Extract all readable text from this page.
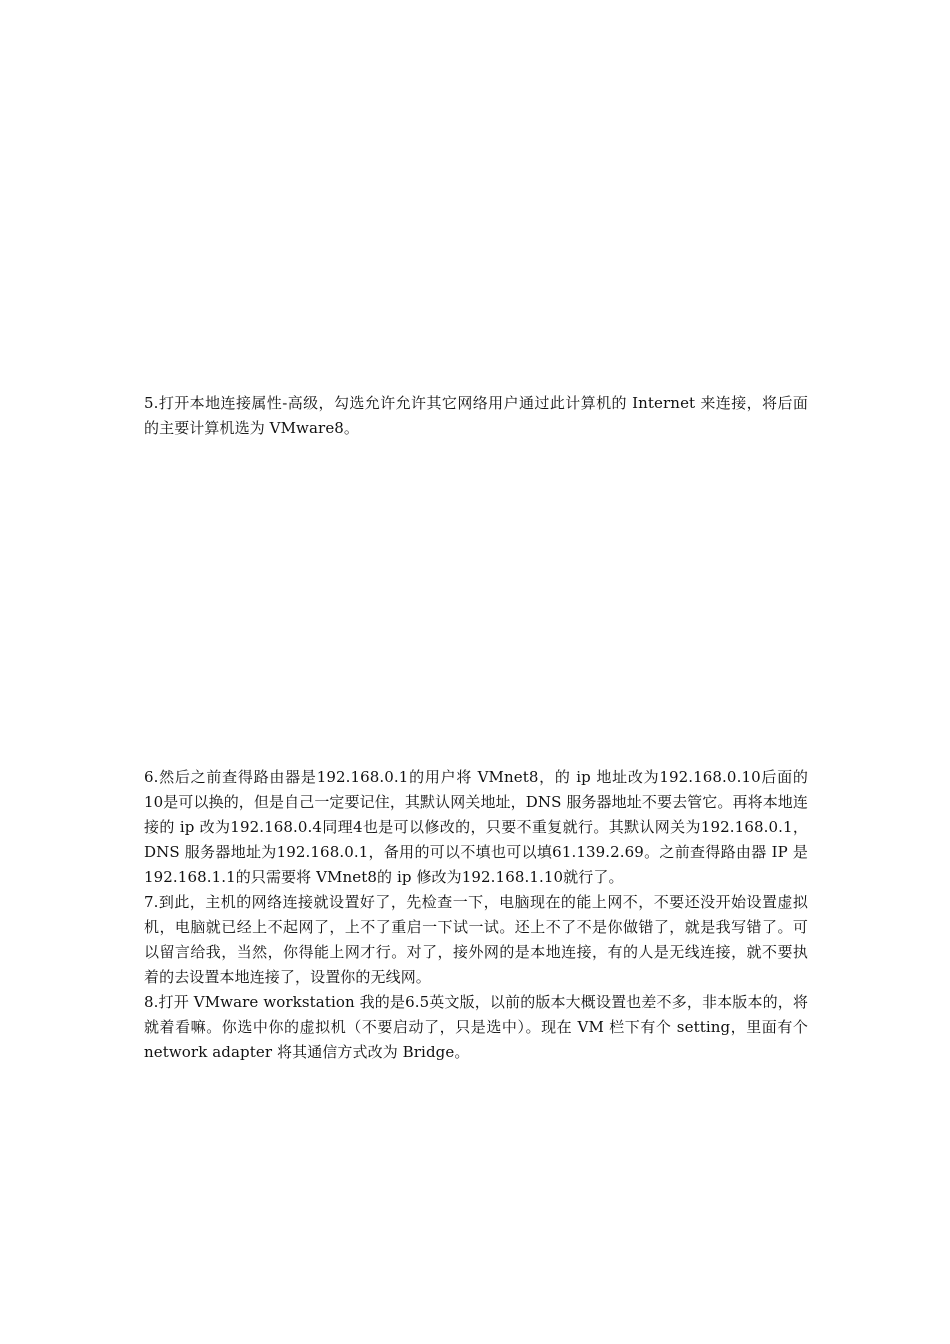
5.打开本地连接属性-高级，勾选允许允许其它网络用户通过此计算机的 Internet 来连接，将后面的主要计算机选为 VMware8。

6.然后之前查得路由器是192.168.0.1的用户将 VMnet8，的 ip 地址改为192.168.0.10后面的10是可以换的，但是自己一定要记住，其默认网关地址，DNS 服务器地址不要去管它。再将本地连接的 ip 改为192.168.0.4同理4也是可以修改的，只要不重复就行。其默认网关为192.168.0.1，DNS 服务器地址为192.168.0.1，备用的可以不填也可以填61.139.2.69。之前查得路由器 IP 是192.168.1.1的只需要将 VMnet8的 ip 修改为192.168.1.10就行了。

7.到此，主机的网络连接就设置好了，先检查一下，电脑现在的能上网不，不要还没开始设置虚拟机，电脑就已经上不起网了，上不了重启一下试一试。还上不了不是你做错了，就是我写错了。可以留言给我，当然，你得能上网才行。对了，接外网的是本地连接，有的人是无线连接，就不要执着的去设置本地连接了，设置你的无线网。

8.打开 VMware workstation 我的是6.5英文版，以前的版本大概设置也差不多，非本版本的，将就着看嘛。你选中你的虚拟机（不要启动了，只是选中）。现在 VM 栏下有个 setting，里面有个 network adapter 将其通信方式改为 Bridge。
